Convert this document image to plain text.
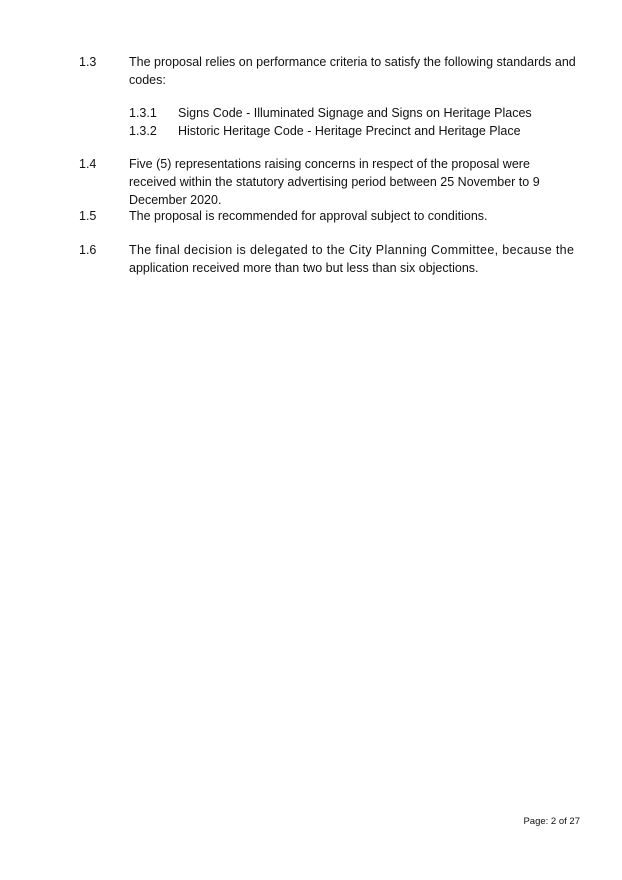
1.3	The proposal relies on performance criteria to satisfy the following standards and codes:
1.3.1 Signs Code - Illuminated Signage and Signs on Heritage Places
1.3.2 Historic Heritage Code - Heritage Precinct and Heritage Place
1.4	Five (5) representations raising concerns in respect of the proposal were received within the statutory advertising period between 25 November to 9 December 2020.
1.5	The proposal is recommended for approval subject to conditions.
1.6	The final decision is delegated to the City Planning Committee, because the
application received more than two but less than six objections.
Page: 2 of 27
